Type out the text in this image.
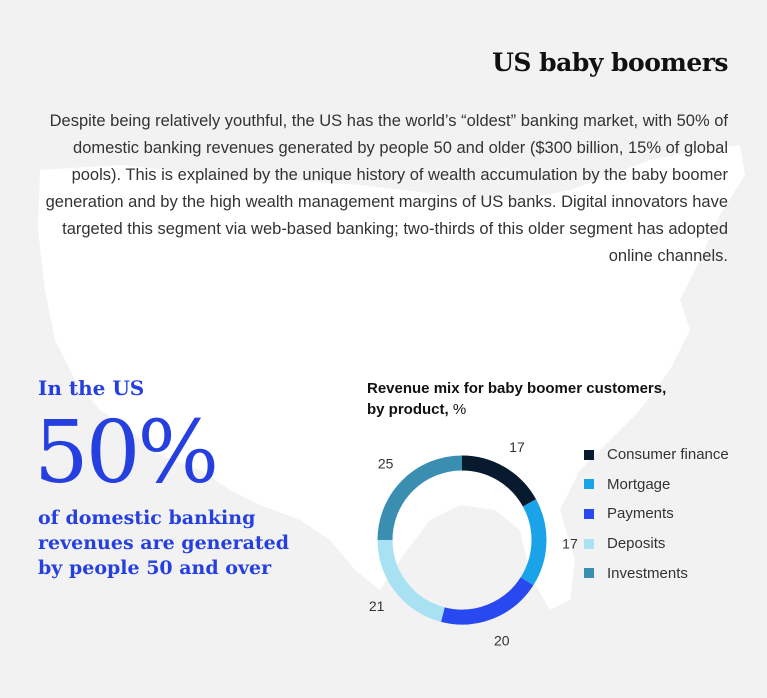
US baby boomers
Despite being relatively youthful, the US has the world’s “oldest” banking market, with 50% of domestic banking revenues generated by people 50 and older ($300 billion, 15% of global pools). This is explained by the unique history of wealth accumulation by the baby boomer generation and by the high wealth management margins of US banks. Digital innovators have targeted this segment via web-based banking; two-thirds of this older segment has adopted online channels.
In the US
50%
of domestic banking revenues are generated by people 50 and over
Revenue mix for baby boomer customers,
by product, %
17
17
20
21
25
Consumer finance
Mortgage
Payments
Deposits
Investments
